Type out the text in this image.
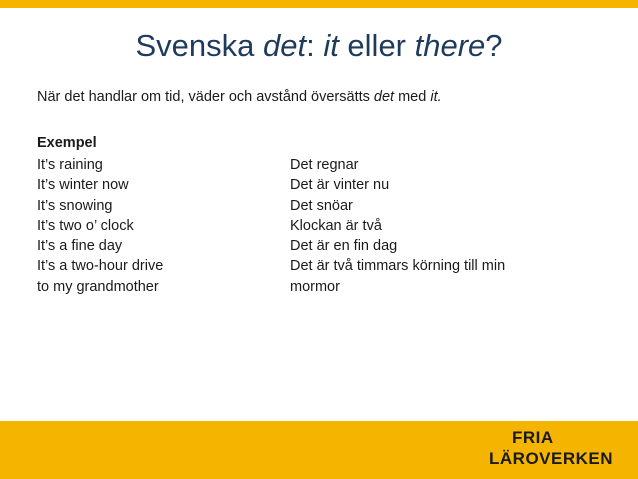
Svenska det: it eller there?
När det handlar om tid, väder och avstånd översätts det med it.
Exempel
It’s raining
It’s winter now
It’s snowing
It’s two o’ clock
It’s a fine day
It’s a two-hour drive
to my grandmother
Det regnar
Det är vinter nu
Det snöar
Klockan är två
Det är en fin dag
Det är två timmars körning till min
mormor
FRIA
LÄROVERKEN
